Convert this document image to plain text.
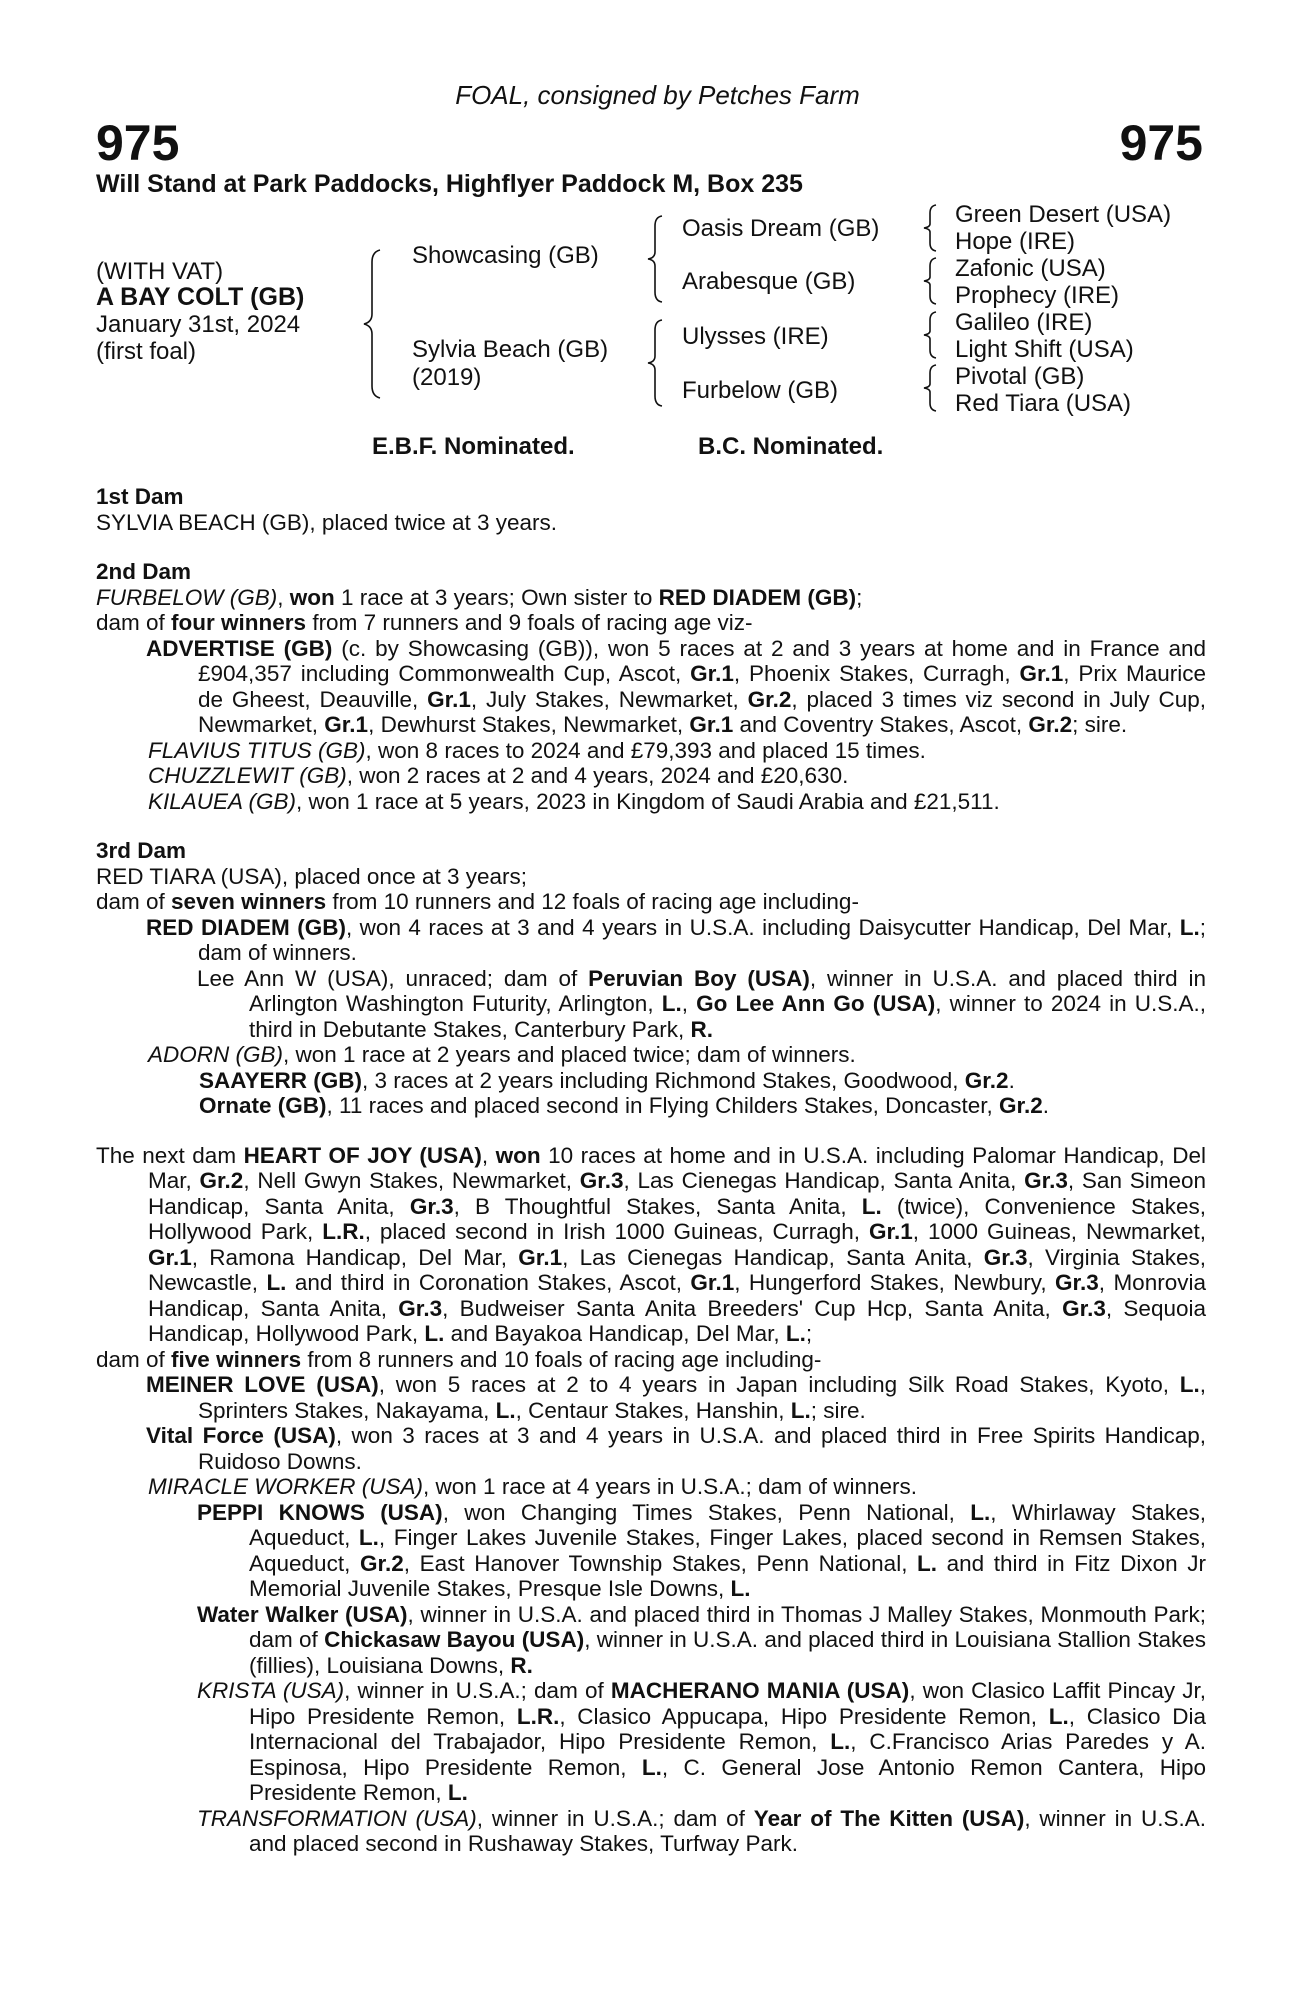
FOAL, consigned by Petches Farm
975	975
Will Stand at Park Paddocks, Highflyer Paddock M, Box 235
(WITH VAT)
A BAY COLT (GB)
January 31st, 2024
(first foal)
Showcasing (GB)
Sylvia Beach (GB)
(2019)
Oasis Dream (GB)
Arabesque (GB)
Ulysses (IRE)
Furbelow (GB)
Green Desert (USA)
Hope (IRE)
Zafonic (USA)
Prophecy (IRE)
Galileo (IRE)
Light Shift (USA)
Pivotal (GB)
Red Tiara (USA)
E.B.F. Nominated.	B.C. Nominated.

1st Dam

SYLVIA BEACH (GB), placed twice at 3 years.

2nd Dam

FURBELOW (GB), won 1 race at 3 years; Own sister to RED DIADEM (GB);

dam of four winners from 7 runners and 9 foals of racing age viz-

ADVERTISE (GB) (c. by Showcasing (GB)), won 5 races at 2 and 3 years at home and in France and £904,357 including Commonwealth Cup, Ascot, Gr.1, Phoenix Stakes, Curragh, Gr.1, Prix Maurice de Gheest, Deauville, Gr.1, July Stakes, Newmarket, Gr.2, placed 3 times viz second in July Cup, Newmarket, Gr.1, Dewhurst Stakes, Newmarket, Gr.1 and Coventry Stakes, Ascot, Gr.2; sire.

FLAVIUS TITUS (GB), won 8 races to 2024 and £79,393 and placed 15 times.

CHUZZLEWIT (GB), won 2 races at 2 and 4 years, 2024 and £20,630.

KILAUEA (GB), won 1 race at 5 years, 2023 in Kingdom of Saudi Arabia and £21,511.

3rd Dam

RED TIARA (USA), placed once at 3 years;

dam of seven winners from 10 runners and 12 foals of racing age including-

RED DIADEM (GB), won 4 races at 3 and 4 years in U.S.A. including Daisycutter Handicap, Del Mar, L.; dam of winners.

Lee Ann W (USA), unraced; dam of Peruvian Boy (USA), winner in U.S.A. and placed third in Arlington Washington Futurity, Arlington, L., Go Lee Ann Go (USA), winner to 2024 in U.S.A., third in Debutante Stakes, Canterbury Park, R.

ADORN (GB), won 1 race at 2 years and placed twice; dam of winners.

SAAYERR (GB), 3 races at 2 years including Richmond Stakes, Goodwood, Gr.2.

Ornate (GB), 11 races and placed second in Flying Childers Stakes, Doncaster, Gr.2.

The next dam HEART OF JOY (USA), won 10 races at home and in U.S.A. including Palomar Handicap, Del Mar, Gr.2, Nell Gwyn Stakes, Newmarket, Gr.3, Las Cienegas Handicap, Santa Anita, Gr.3, San Simeon Handicap, Santa Anita, Gr.3, B Thoughtful Stakes, Santa Anita, L. (twice), Convenience Stakes, Hollywood Park, L.R., placed second in Irish 1000 Guineas, Curragh, Gr.1, 1000 Guineas, Newmarket, Gr.1, Ramona Handicap, Del Mar, Gr.1, Las Cienegas Handicap, Santa Anita, Gr.3, Virginia Stakes, Newcastle, L. and third in Coronation Stakes, Ascot, Gr.1, Hungerford Stakes, Newbury, Gr.3, Monrovia Handicap, Santa Anita, Gr.3, Budweiser Santa Anita Breeders' Cup Hcp, Santa Anita, Gr.3, Sequoia Handicap, Hollywood Park, L. and Bayakoa Handicap, Del Mar, L.;

dam of five winners from 8 runners and 10 foals of racing age including-

MEINER LOVE (USA), won 5 races at 2 to 4 years in Japan including Silk Road Stakes, Kyoto, L., Sprinters Stakes, Nakayama, L., Centaur Stakes, Hanshin, L.; sire.

Vital Force (USA), won 3 races at 3 and 4 years in U.S.A. and placed third in Free Spirits Handicap, Ruidoso Downs.

MIRACLE WORKER (USA), won 1 race at 4 years in U.S.A.; dam of winners.

PEPPI KNOWS (USA), won Changing Times Stakes, Penn National, L., Whirlaway Stakes, Aqueduct, L., Finger Lakes Juvenile Stakes, Finger Lakes, placed second in Remsen Stakes, Aqueduct, Gr.2, East Hanover Township Stakes, Penn National, L. and third in Fitz Dixon Jr Memorial Juvenile Stakes, Presque Isle Downs, L.

Water Walker (USA), winner in U.S.A. and placed third in Thomas J Malley Stakes, Monmouth Park; dam of Chickasaw Bayou (USA), winner in U.S.A. and placed third in Louisiana Stallion Stakes (fillies), Louisiana Downs, R.

KRISTA (USA), winner in U.S.A.; dam of MACHERANO MANIA (USA), won Clasico Laffit Pincay Jr, Hipo Presidente Remon, L.R., Clasico Appucapa, Hipo Presidente Remon, L., Clasico Dia Internacional del Trabajador, Hipo Presidente Remon, L., C.Francisco Arias Paredes y A. Espinosa, Hipo Presidente Remon, L., C. General Jose Antonio Remon Cantera, Hipo Presidente Remon, L.

TRANSFORMATION (USA), winner in U.S.A.; dam of Year of The Kitten (USA), winner in U.S.A. and placed second in Rushaway Stakes, Turfway Park.
